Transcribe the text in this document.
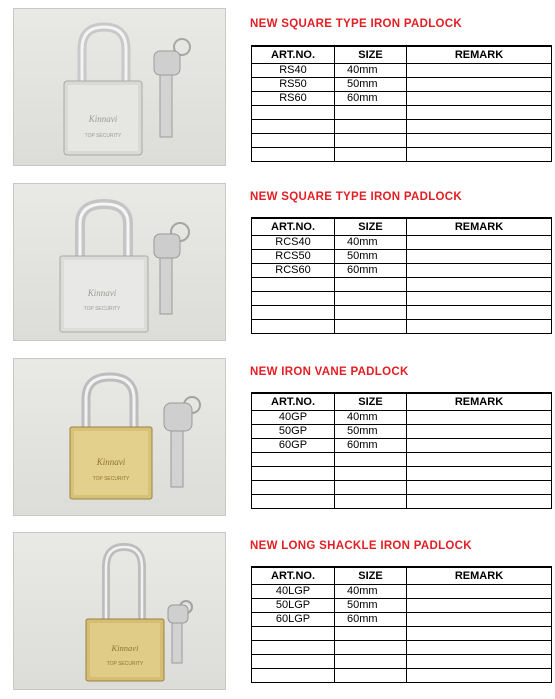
Kinnavi
TOP SECURITY
NEW SQUARE TYPE IRON PADLOCK
ART.NO.	SIZE	REMARK
RS40	40mm	
RS50	50mm	
RS60	60mm	

Kinnavi
TOP SECURITY
NEW SQUARE TYPE IRON PADLOCK
ART.NO.	SIZE	REMARK
RCS40	40mm	
RCS50	50mm	
RCS60	60mm	

Kinnavi
TOP SECURITY
NEW IRON VANE PADLOCK
ART.NO.	SIZE	REMARK
40GP	40mm	
50GP	50mm	
60GP	60mm	

Kinnavi
TOP SECURITY
NEW LONG SHACKLE IRON PADLOCK
ART.NO.	SIZE	REMARK
40LGP	40mm	
50LGP	50mm	
60LGP	60mm	
